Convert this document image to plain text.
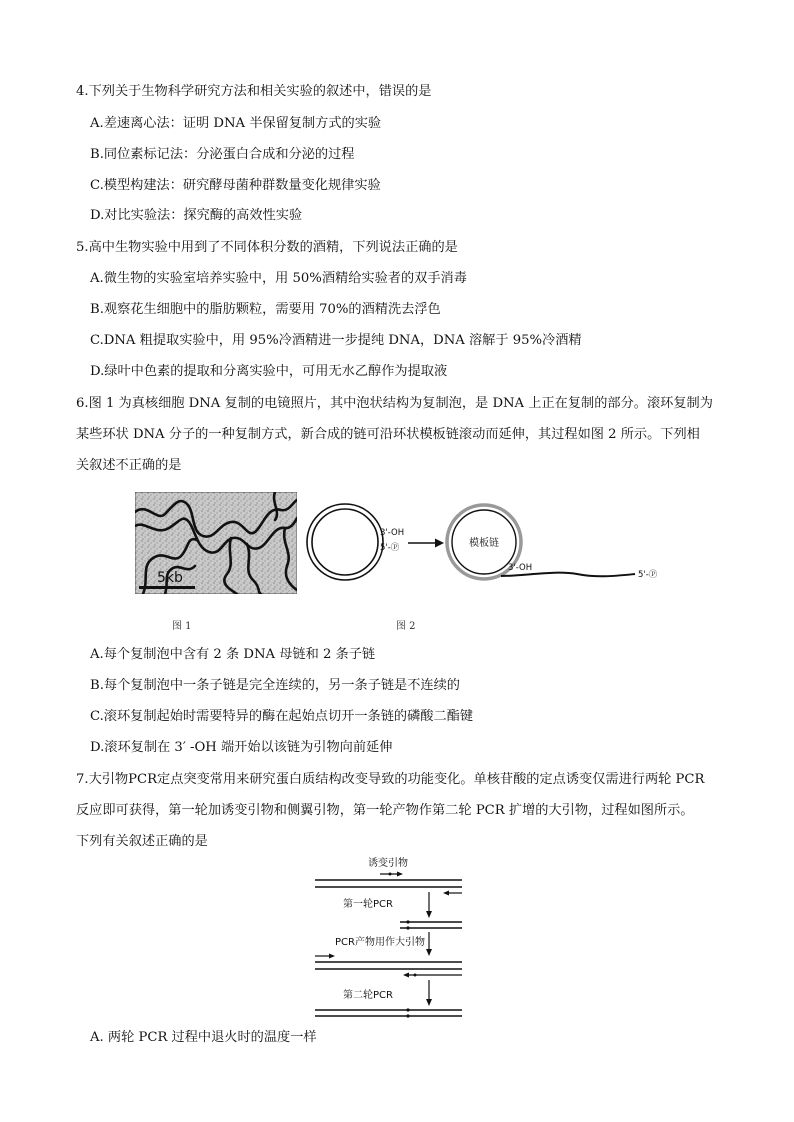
4.下列关于生物科学研究方法和相关实验的叙述中，错误的是
A.差速离心法：证明 DNA 半保留复制方式的实验
B.同位素标记法：分泌蛋白合成和分泌的过程
C.模型构建法：研究酵母菌种群数量变化规律实验
D.对比实验法：探究酶的高效性实验
5.高中生物实验中用到了不同体积分数的酒精，下列说法正确的是
A.微生物的实验室培养实验中，用 50%酒精给实验者的双手消毒
B.观察花生细胞中的脂肪颗粒，需要用 70%的酒精洗去浮色
C.DNA 粗提取实验中，用 95%冷酒精进一步提纯 DNA，DNA 溶解于 95%冷酒精
D.绿叶中色素的提取和分离实验中，可用无水乙醇作为提取液
6.图 1 为真核细胞 DNA 复制的电镜照片，其中泡状结构为复制泡，是 DNA 上正在复制的部分。滚环复制为
某些环状 DNA 分子的一种复制方式，新合成的链可沿环状模板链滚动而延伸，其过程如图 2 所示。下列相
关叙述不正确的是
5kb
图 1
3'-OH
5'-Ⓟ	模板链
3'-OH
5'-Ⓟ
图 2
A.每个复制泡中含有 2 条 DNA 母链和 2 条子链
B.每个复制泡中一条子链是完全连续的，另一条子链是不连续的
C.滚环复制起始时需要特异的酶在起始点切开一条链的磷酸二酯键
D.滚环复制在 3′ -OH 端开始以该链为引物向前延伸
7.大引物PCR定点突变常用来研究蛋白质结构改变导致的功能变化。单核苷酸的定点诱变仅需进行两轮 PCR
反应即可获得，第一轮加诱变引物和侧翼引物，第一轮产物作第二轮 PCR 扩增的大引物，过程如图所示。
下列有关叙述正确的是
诱变引物
第一轮PCR
PCR产物用作大引物
第二轮PCR
A. 两轮 PCR 过程中退火时的温度一样
